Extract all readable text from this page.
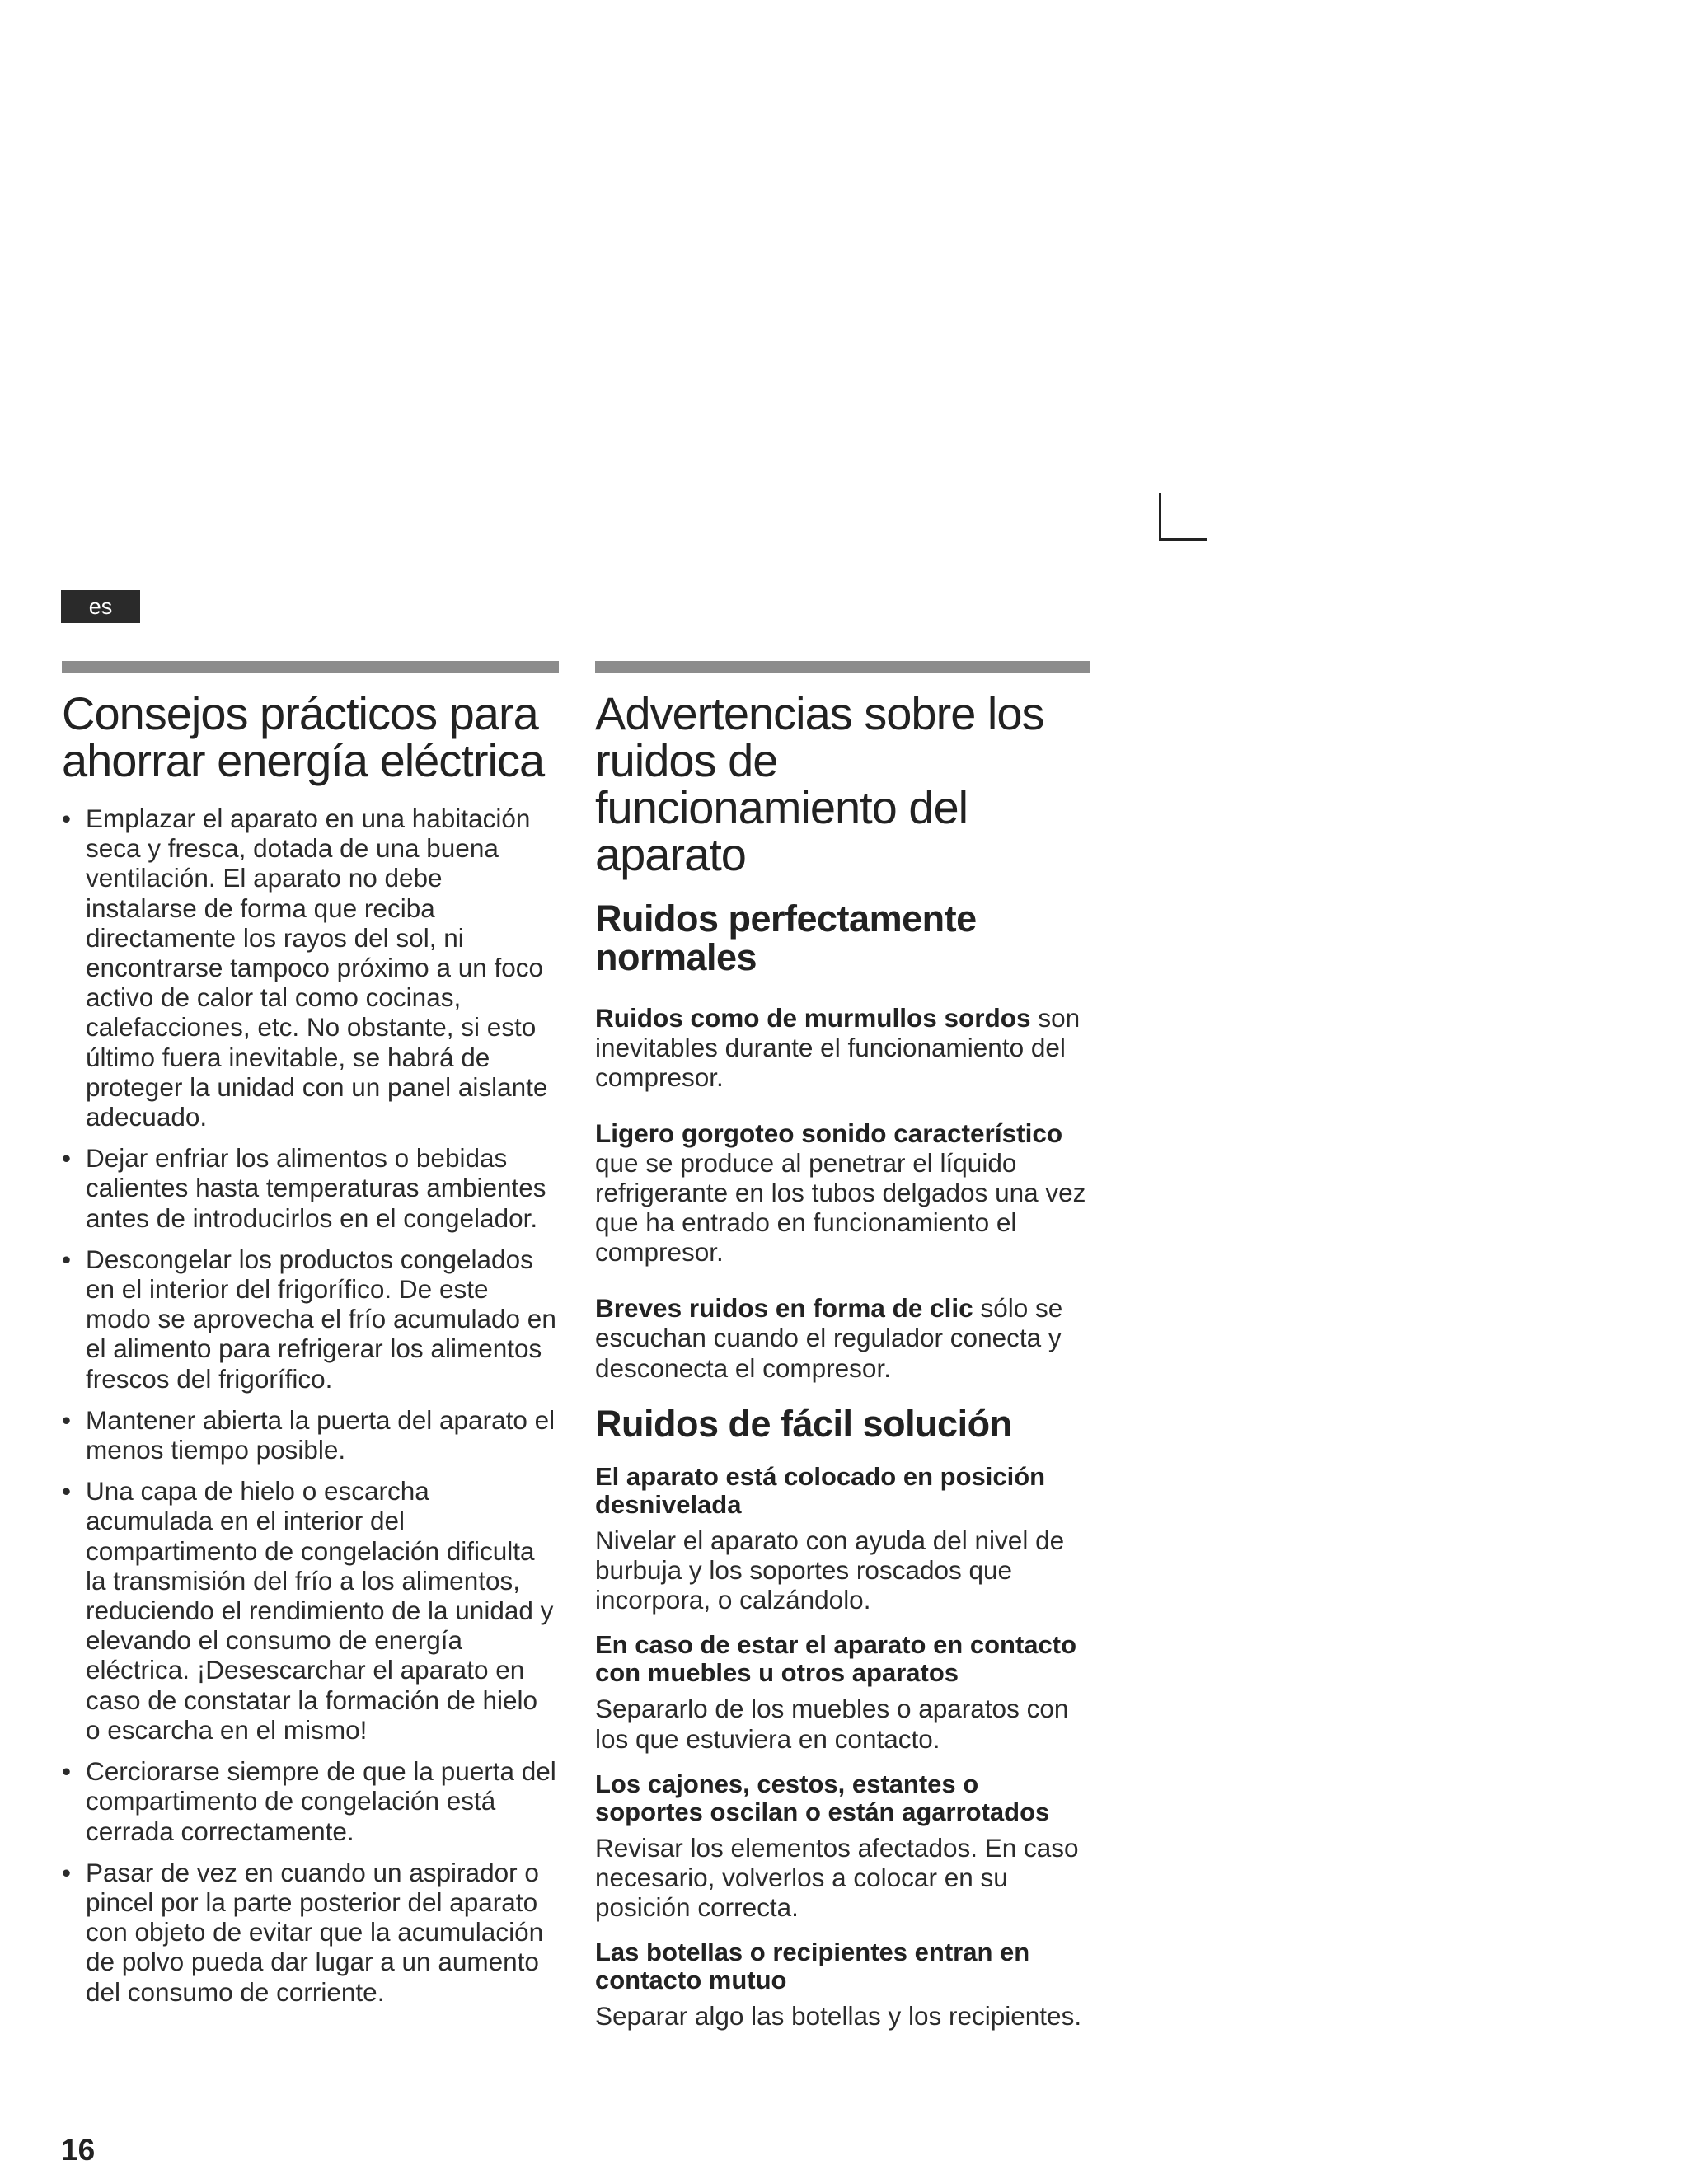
es
Consejos prácticos para ahorrar energía eléctrica
• Emplazar el aparato en una habitación seca y fresca, dotada de una buena ventilación. El aparato no debe instalarse de forma que reciba directamente los rayos del sol, ni encontrarse tampoco próximo a un foco activo de calor tal como cocinas, calefacciones, etc. No obstante, si esto último fuera inevitable, se habrá de proteger la unidad con un panel aislante adecuado.
• Dejar enfriar los alimentos o bebidas calientes hasta temperaturas ambientes antes de introducirlos en el congelador.
• Descongelar los productos congelados en el interior del frigorífico. De este modo se aprovecha el frío acumulado en el alimento para refrigerar los alimentos frescos del frigorífico.
• Mantener abierta la puerta del aparato el menos tiempo posible.
• Una capa de hielo o escarcha acumulada en el interior del compartimento de congelación dificulta la transmisión del frío a los alimentos, reduciendo el rendimiento de la unidad y elevando el consumo de energía eléctrica. ¡Desescarchar el aparato en caso de constatar la formación de hielo o escarcha en el mismo!
• Cerciorarse siempre de que la puerta del compartimento de congelación está cerrada correctamente.
• Pasar de vez en cuando un aspirador o pincel por la parte posterior del aparato con objeto de evitar que la acumulación de polvo pueda dar lugar a un aumento del consumo de corriente.
Advertencias sobre los ruidos de funcionamiento del aparato
Ruidos perfectamente normales

Ruidos como de murmullos sordos son inevitables durante el funcionamiento del compresor.

Ligero gorgoteo sonido característico que se produce al penetrar el líquido refrigerante en los tubos delgados una vez que ha entrado en funcionamiento el compresor.

Breves ruidos en forma de clic sólo se escuchan cuando el regulador conecta y desconecta el compresor.

Ruidos de fácil solución
El aparato está colocado en posición desnivelada
Nivelar el aparato con ayuda del nivel de burbuja y los soportes roscados que incorpora, o calzándolo.
En caso de estar el aparato en contacto con muebles u otros aparatos
Separarlo de los muebles o aparatos con los que estuviera en contacto.
Los cajones, cestos, estantes o soportes oscilan o están agarrotados
Revisar los elementos afectados. En caso necesario, volverlos a colocar en su posición correcta.
Las botellas o recipientes entran en contacto mutuo
Separar algo las botellas y los recipientes.
16
